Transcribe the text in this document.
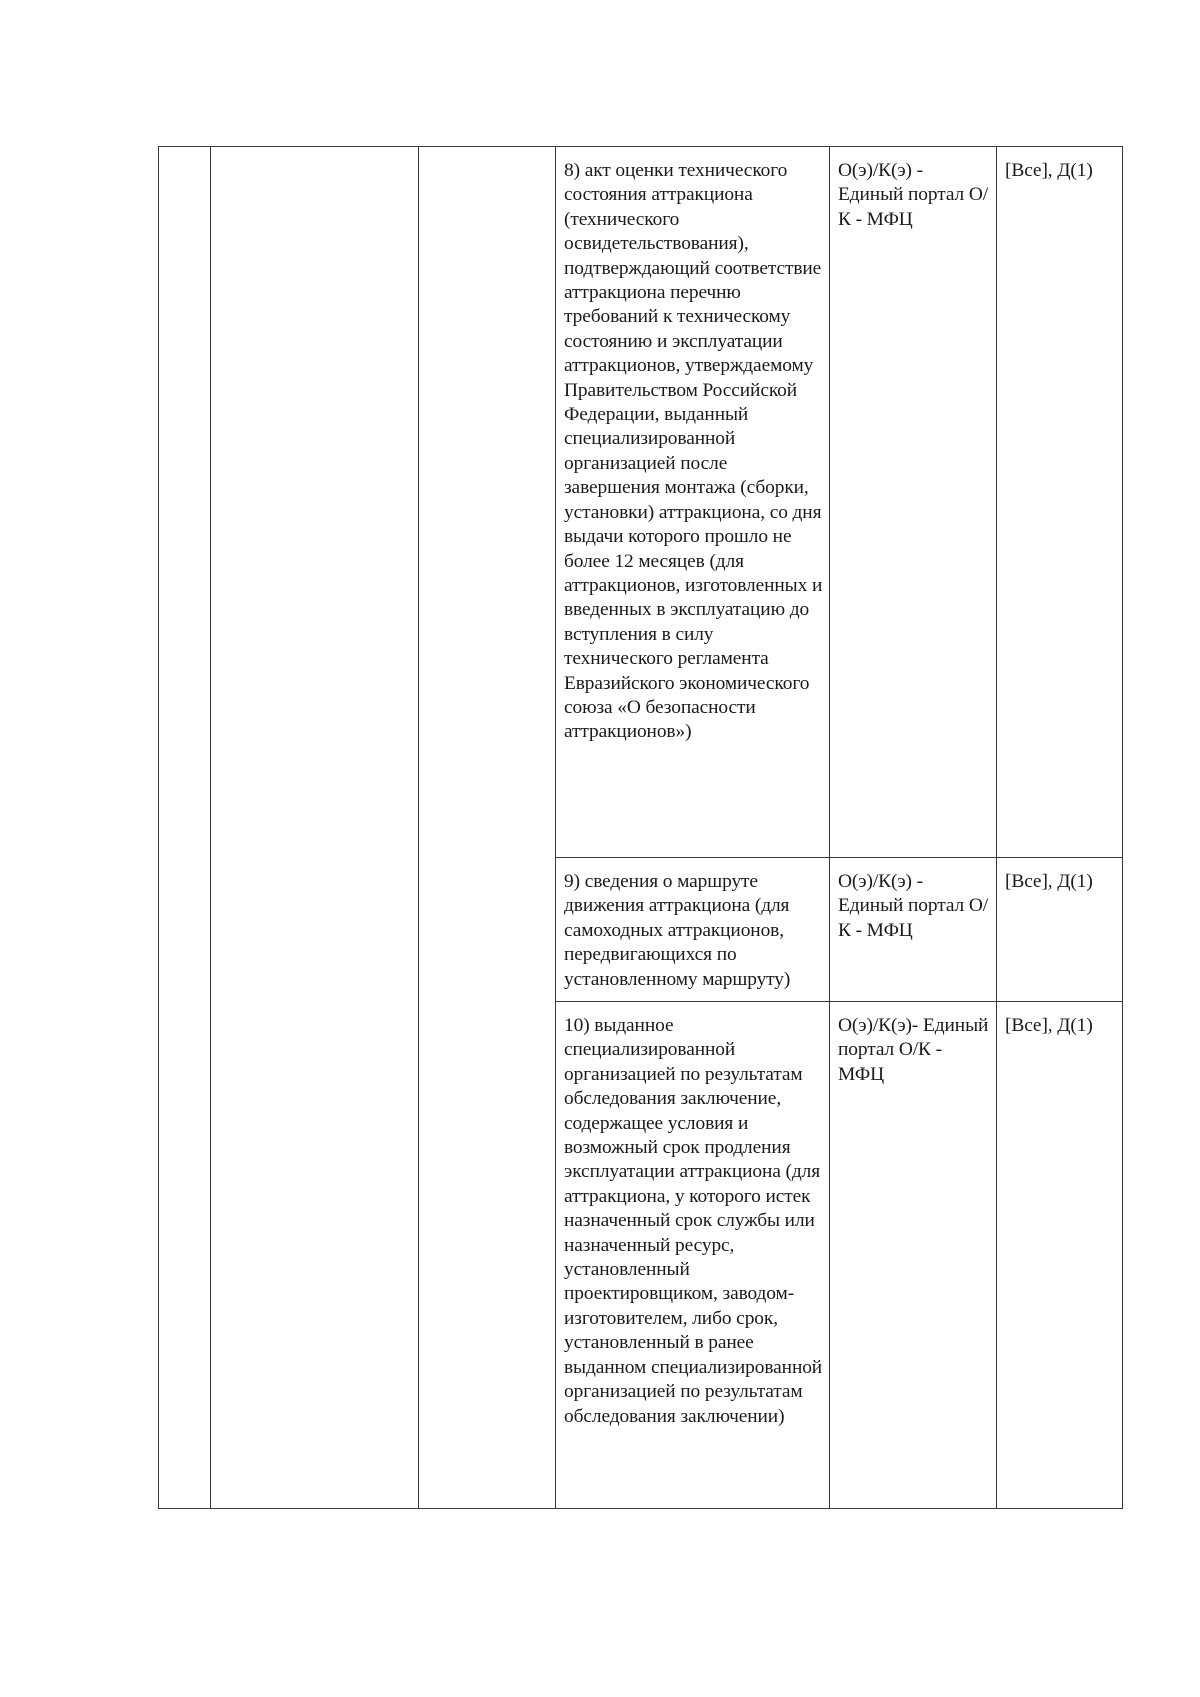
			8) акт оценки технического состояния аттракциона (технического освидетельствования), подтверждающий соответствие аттракциона перечню требований к техническому состоянию и эксплуатации аттракционов, утверждаемому Правительством Российской Федерации, выданный специализированной организацией после завершения монтажа (сборки, установки) аттракциона, со дня выдачи которого прошло не более 12 месяцев (для аттракционов, изготовленных и введенных в эксплуатацию до вступления в силу технического регламента Евразийского экономического союза «О безопасности аттракционов»)	О(э)/К(э) - Единый портал О/К - МФЦ	[Все], Д(1)

			9) сведения о маршруте движения аттракциона (для самоходных аттракционов, передвигающихся по установленному маршруту)	О(э)/К(э) - Единый портал О/К - МФЦ	[Все], Д(1)

			10) выданное специализированной организацией по результатам обследования заключение, содержащее условия и возможный срок продления эксплуатации аттракциона (для аттракциона, у которого истек назначенный срок службы или назначенный ресурс, установленный проектировщиком, заводом-изготовителем, либо срок, установленный в ранее выданном специализированной организацией по результатам обследования заключении)	О(э)/К(э)- Единый портал О/К - МФЦ	[Все], Д(1)
